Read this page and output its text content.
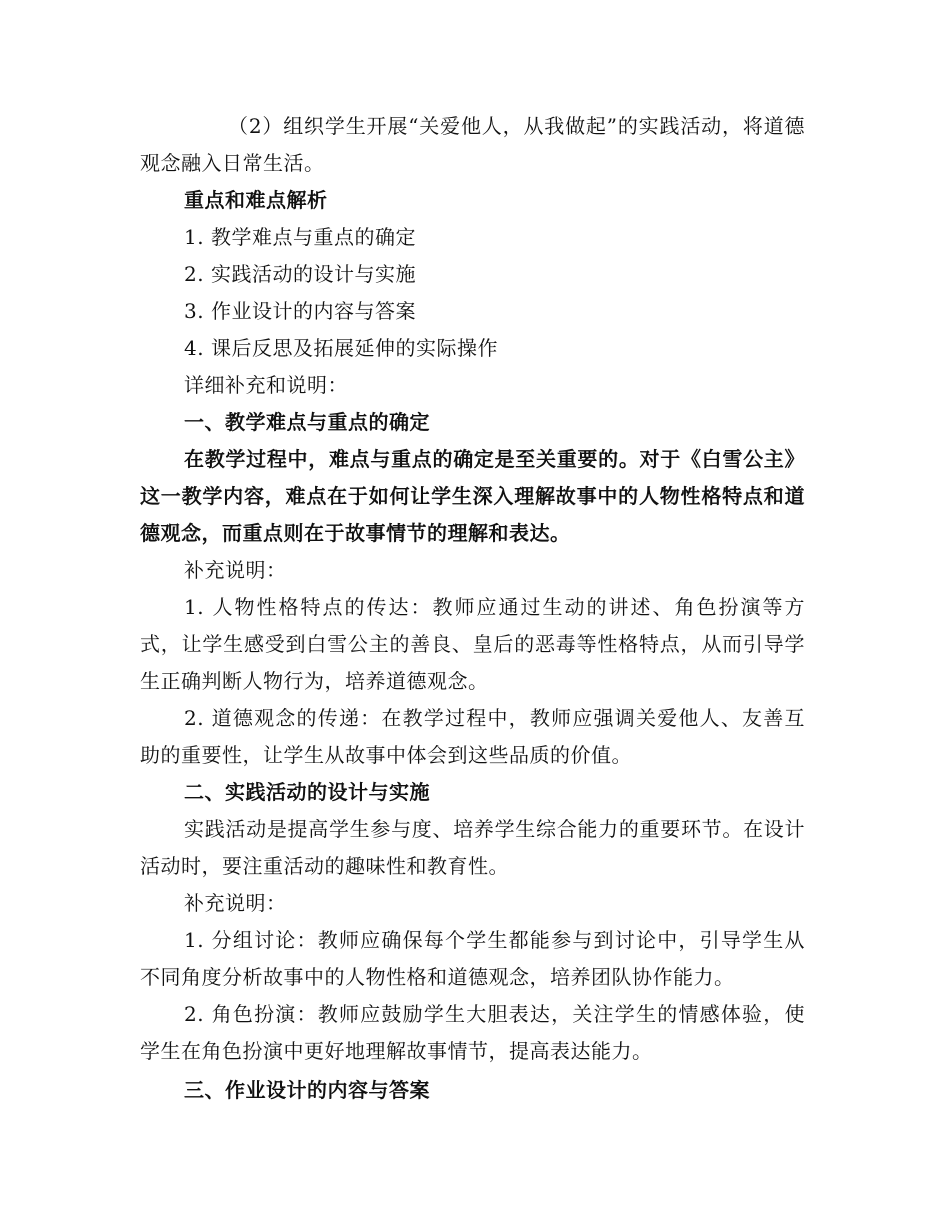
（2）组织学生开展“关爱他人，从我做起”的实践活动，将道德观念融入日常生活。

重点和难点解析

1. 教学难点与重点的确定

2. 实践活动的设计与实施

3. 作业设计的内容与答案

4. 课后反思及拓展延伸的实际操作

详细补充和说明：

一、教学难点与重点的确定

在教学过程中，难点与重点的确定是至关重要的。对于《白雪公主》这一教学内容，难点在于如何让学生深入理解故事中的人物性格特点和道德观念，而重点则在于故事情节的理解和表达。

补充说明：

1. 人物性格特点的传达：教师应通过生动的讲述、角色扮演等方式，让学生感受到白雪公主的善良、皇后的恶毒等性格特点，从而引导学生正确判断人物行为，培养道德观念。

2. 道德观念的传递：在教学过程中，教师应强调关爱他人、友善互助的重要性，让学生从故事中体会到这些品质的价值。

二、实践活动的设计与实施

实践活动是提高学生参与度、培养学生综合能力的重要环节。在设计活动时，要注重活动的趣味性和教育性。

补充说明：

1. 分组讨论：教师应确保每个学生都能参与到讨论中，引导学生从不同角度分析故事中的人物性格和道德观念，培养团队协作能力。

2. 角色扮演：教师应鼓励学生大胆表达，关注学生的情感体验，使学生在角色扮演中更好地理解故事情节，提高表达能力。

三、作业设计的内容与答案
